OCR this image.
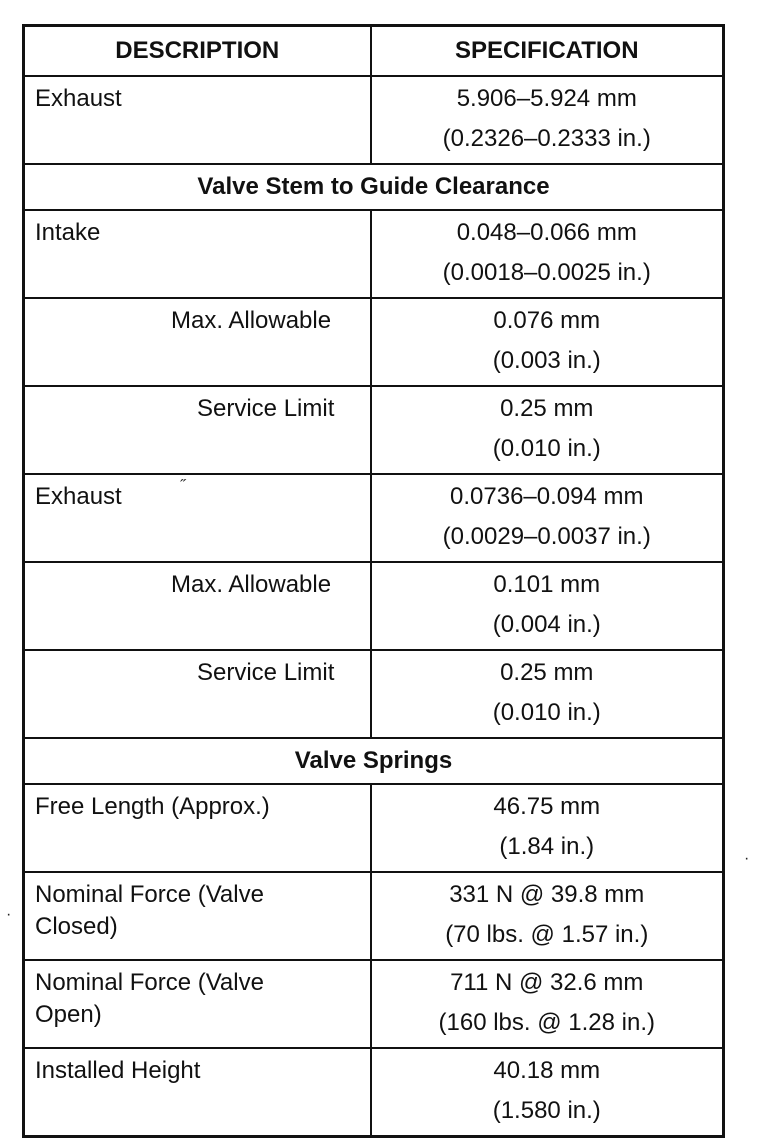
DESCRIPTION	SPECIFICATION
Exhaust	5.906–5.924 mm
(0.2326–0.2333 in.)

Valve Stem to Guide Clearance	
Intake	0.048–0.066 mm
(0.0018–0.0025 in.)

Max. Allowable	0.076 mm
(0.003 in.)

Service Limit	0.25 mm
(0.010 in.)

Exhaust	0.0736–0.094 mm
(0.0029–0.0037 in.)

Max. Allowable	0.101 mm
(0.004 in.)

Service Limit	0.25 mm
(0.010 in.)

Valve Springs	
Free Length (Approx.)	46.75 mm
(1.84 in.)

Nominal Force (Valve
Closed)	331 N @ 39.8 mm
(70 lbs. @ 1.57 in.)

Nominal Force (Valve
Open)	711 N @ 32.6 mm
(160 lbs. @ 1.28 in.)

Installed Height	40.18 mm
(1.580 in.)
˝
·
·
